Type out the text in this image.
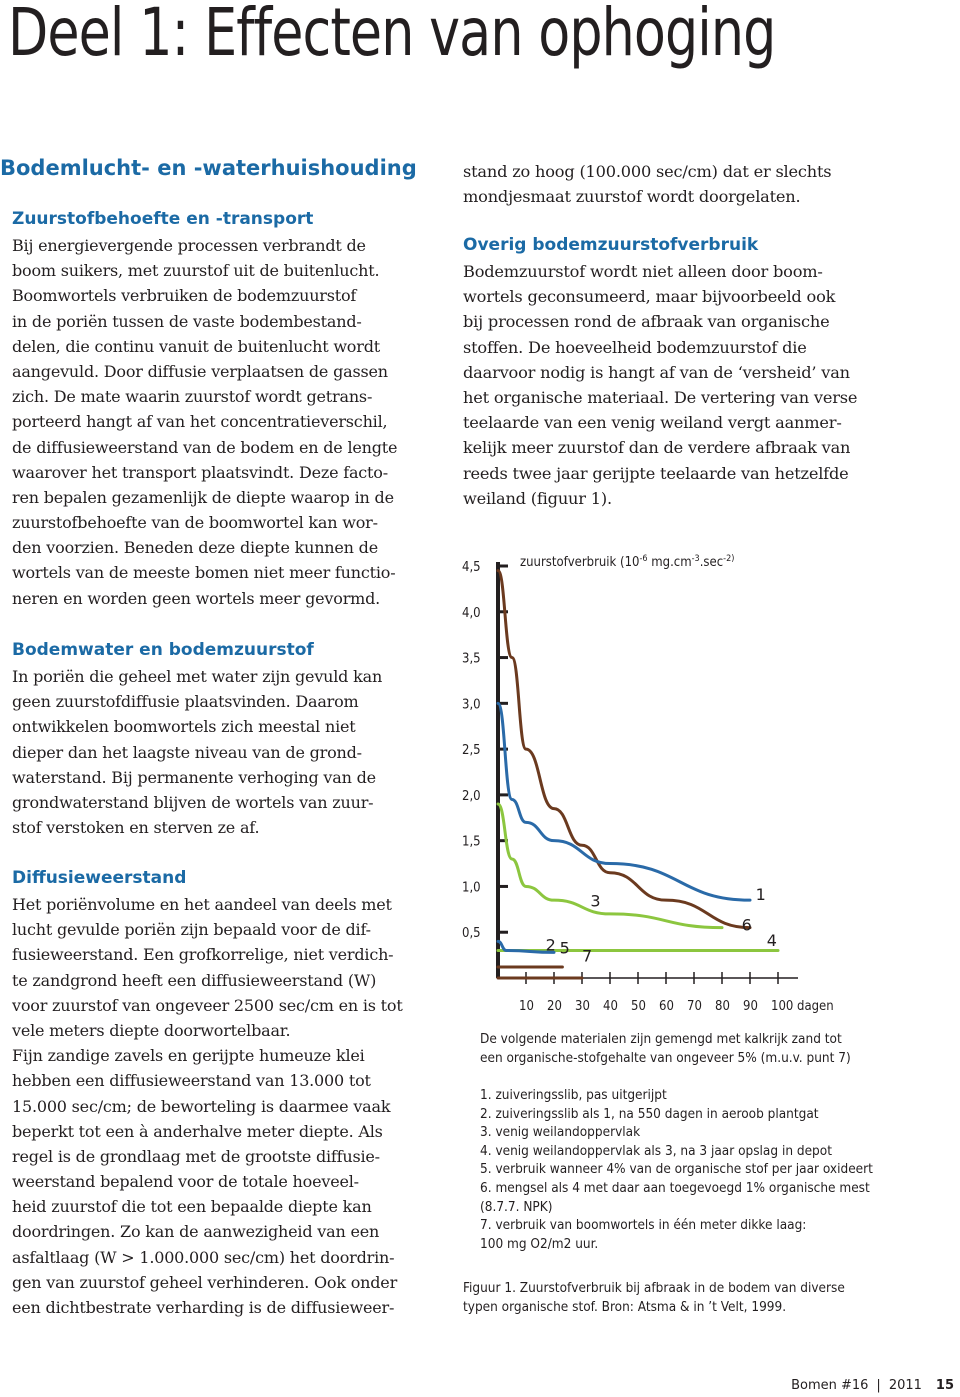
Deel 1: Effecten van ophoging
Bodemlucht- en -waterhuishouding
Zuurstofbehoefte en -transport
Bij energievergende processen verbrandt de
boom suikers, met zuurstof uit de buitenlucht.
Boomwortels verbruiken de bodemzuurstof
in de poriën tussen de vaste bodembestand-
delen, die continu vanuit de buitenlucht wordt
aangevuld. Door diffusie verplaatsen de gassen
zich. De mate waarin zuurstof wordt getrans-
porteerd hangt af van het concentratieverschil,
de diffusieweerstand van de bodem en de lengte
waarover het transport plaatsvindt. Deze facto-
ren bepalen gezamenlijk de diepte waarop in de
zuurstofbehoefte van de boomwortel kan wor-
den voorzien. Beneden deze diepte kunnen de
wortels van de meeste bomen niet meer functio-
neren en worden geen wortels meer gevormd.
Bodemwater en bodemzuurstof
In poriën die geheel met water zijn gevuld kan
geen zuurstofdiffusie plaatsvinden. Daarom
ontwikkelen boomwortels zich meestal niet
dieper dan het laagste niveau van de grond-
waterstand. Bij permanente verhoging van de
grondwaterstand blijven de wortels van zuur-
stof verstoken en sterven ze af.
Diffusieweerstand
Het poriënvolume en het aandeel van deels met
lucht gevulde poriën zijn bepaald voor de dif-
fusieweerstand. Een grofkorrelige, niet verdich-
te zandgrond heeft een diffusieweerstand (W)
voor zuurstof van ongeveer 2500 sec/cm en is tot
vele meters diepte doorwortelbaar.
Fijn zandige zavels en gerijpte humeuze klei
hebben een diffusieweerstand van 13.000 tot
15.000 sec/cm; de beworteling is daarmee vaak
beperkt tot een à anderhalve meter diepte. Als
regel is de grondlaag met de grootste diffusie-
weerstand bepalend voor de totale hoeveel-
heid zuurstof die tot een bepaalde diepte kan
doordringen. Zo kan de aanwezigheid van een
asfaltlaag (W > 1.000.000 sec/cm) het doordrin-
gen van zuurstof geheel verhinderen. Ook onder
een dichtbestrate verharding is de diffusieweer-
stand zo hoog (100.000 sec/cm) dat er slechts
mondjesmaat zuurstof wordt doorgelaten.
Overig bodemzuurstofverbruik
Bodemzuurstof wordt niet alleen door boom-
wortels geconsumeerd, maar bijvoorbeeld ook
bij processen rond de afbraak van organische
stoffen. De hoeveelheid bodemzuurstof die
daarvoor nodig is hangt af van de ‘versheid’ van
het organische materiaal. De vertering van verse
teelaarde van een venig weiland vergt aanmer-
kelijk meer zuurstof dan de verdere afbraak van
reeds twee jaar gerijpte teelaarde van hetzelfde
weiland (figuur 1).
4,5
4,0
3,5
3,0
2,5
2,0
1,5
1,0
0,5
10 20 30 40 50 60 70 80 90 100 dagen
1
3
6
4
2 5 7
zuurstofverbruik ($10^{-6}$ $mg.cm^{-3}.\sec^{-2)}$
De volgende materialen zijn gemengd met kalkrijk zand tot
een organische-stofgehalte van ongeveer 5% (m.u.v. punt 7)
1. zuiveringsslib, pas uitgerijpt
2. zuiveringsslib als 1, na 550 dagen in aeroob plantgat
3. venig weilandoppervlak
4. venig weilandoppervlak als 3, na 3 jaar opslag in depot
5. verbruik wanneer 4% van de organische stof per jaar oxideert
6. mengsel als 4 met daar aan toegevoegd 1% organische mest
(8.7.7. NPK)
7. verbruik van boomwortels in één meter dikke laag:
100 mg O2/m2 uur.
Figuur 1. Zuurstofverbruik bij afbraak in de bodem van diverse
typen organische stof. Bron: Atsma & in ’t Velt, 1999.
Bomen #16 | 2011 15
